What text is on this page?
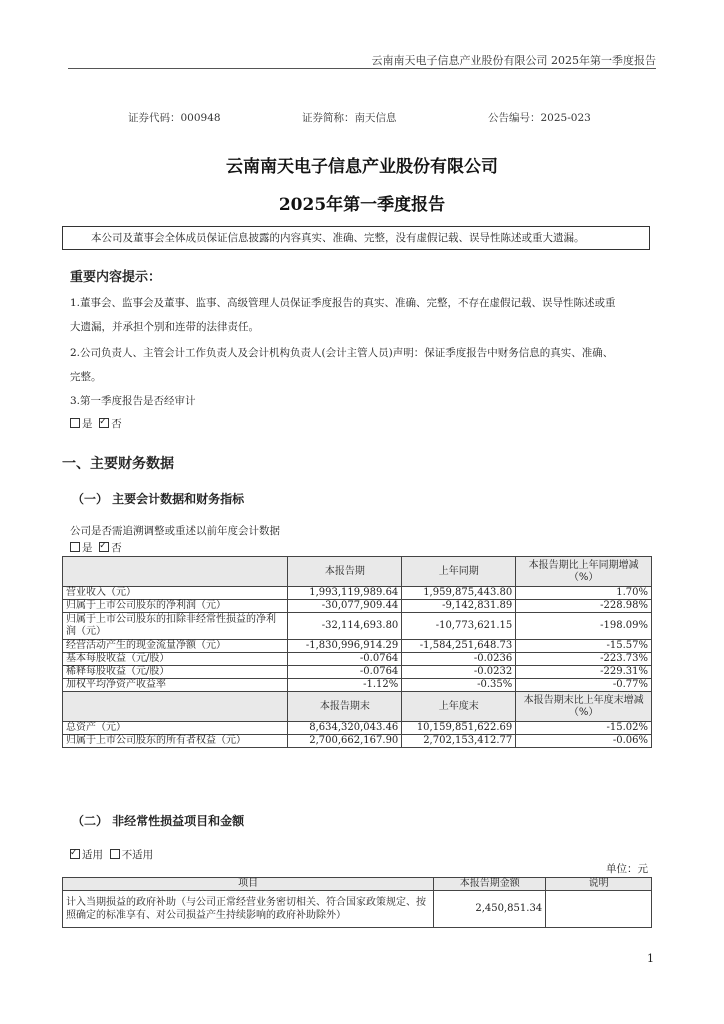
云南南天电子信息产业股份有限公司 2025年第一季度报告
证券代码：000948	证券简称：南天信息	公告编号：2025-023
云南南天电子信息产业股份有限公司
2025年第一季度报告
本公司及董事会全体成员保证信息披露的内容真实、准确、完整，没有虚假记载、误导性陈述或重大遗漏。
重要内容提示：
1.董事会、监事会及董事、监事、高级管理人员保证季度报告的真实、准确、完整，不存在虚假记载、误导性陈述或重
大遗漏，并承担个别和连带的法律责任。
2.公司负责人、主管会计工作负责人及会计机构负责人(会计主管人员)声明：保证季度报告中财务信息的真实、准确、
完整。
3.第一季度报告是否经审计
是 ✓ 否
一、主要财务数据
（一） 主要会计数据和财务指标
公司是否需追溯调整或重述以前年度会计数据
是 ✓ 否
	本报告期	上年同期	本报告期比上年同期增减（%）
营业收入（元）	1,993,119,989.64	1,959,875,443.80	1.70%
归属于上市公司股东的净利润（元）	-30,077,909.44	-9,142,831.89	-228.98%
归属于上市公司股东的扣除非经常性损益的净利润（元）	-32,114,693.80	-10,773,621.15	-198.09%
经营活动产生的现金流量净额（元）	-1,830,996,914.29	-1,584,251,648.73	-15.57%
基本每股收益（元/股）	-0.0764	-0.0236	-223.73%
稀释每股收益（元/股）	-0.0764	-0.0232	-229.31%
加权平均净资产收益率	-1.12%	-0.35%	-0.77%
	本报告期末	上年度末	本报告期末比上年度末增减（%）
总资产（元）	8,634,320,043.46	10,159,851,622.69	-15.02%
归属于上市公司股东的所有者权益（元）	2,700,662,167.90	2,702,153,412.77	-0.06%
（二） 非经常性损益项目和金额
✓适用 不适用
单位：元
项目	本报告期金额	说明
计入当期损益的政府补助（与公司正常经营业务密切相关、符合国家政策规定、按照确定的标准享有、对公司损益产生持续影响的政府补助除外）	2,450,851.34	
1
